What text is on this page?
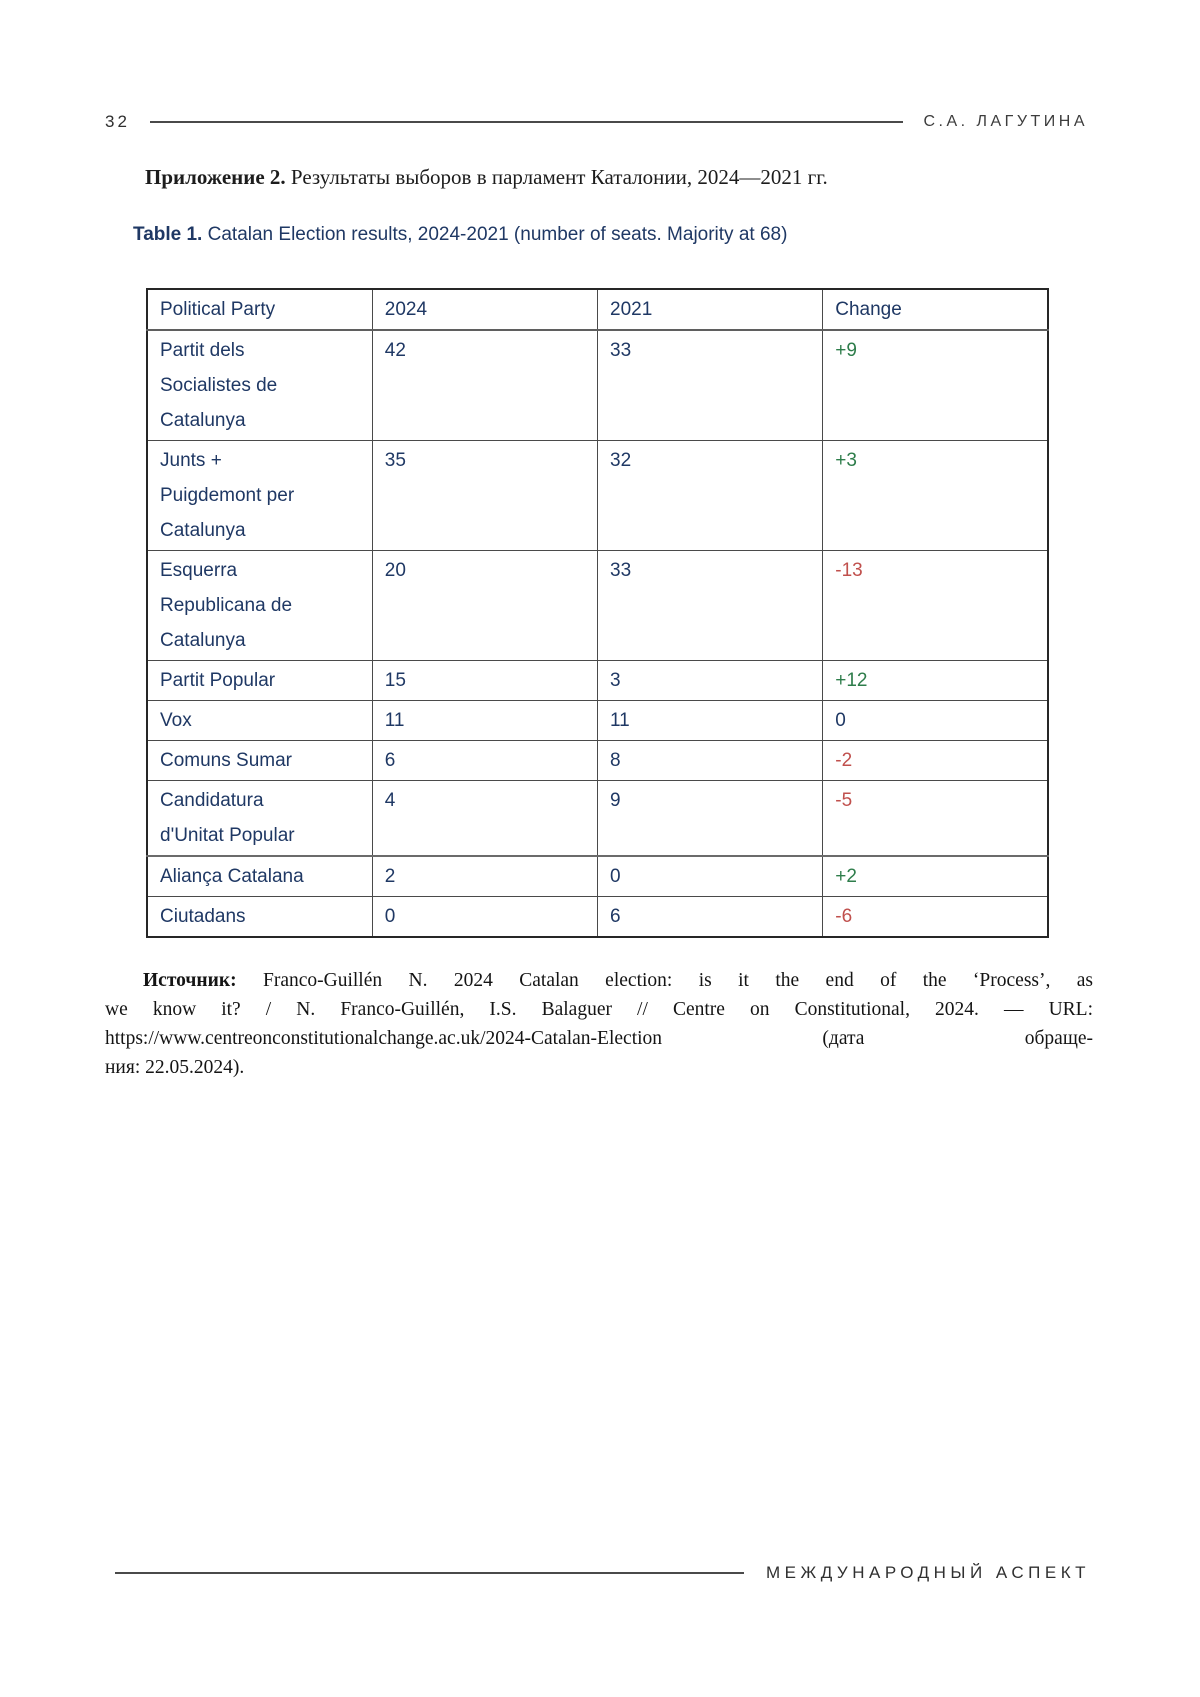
32	С.А. ЛАГУТИНА

Приложение 2. Результаты выборов в парламент Каталонии, 2024—2021 гг.

Table 1. Catalan Election results, 2024-2021 (number of seats. Majority at 68)

Political Party	2024	2021	Change

Partit dels
Socialistes de
Catalunya	42	33	+9

Junts +
Puigdemont per
Catalunya	35	32	+3

Esquerra
Republicana de
Catalunya	20	33	-13

Partit Popular	15	3	+12

Vox	11	11	0

Comuns Sumar	6	8	-2

Candidatura
d'Unitat Popular	4	9	-5

Aliança Catalana	2	0	+2

Ciutadans	0	6	-6
Источник: Franco-Guillén N. 2024 Catalan election: is it the end of the ‘Process’, as
we know it? / N. Franco-Guillén, I.S. Balaguer // Centre on Constitutional, 2024. — URL:
https://www.centreonconstitutionalchange.ac.uk/2024-Catalan-Election (дата обраще-
ния: 22.05.2024).
МЕЖДУНАРОДНЫЙ АСПЕКТ
